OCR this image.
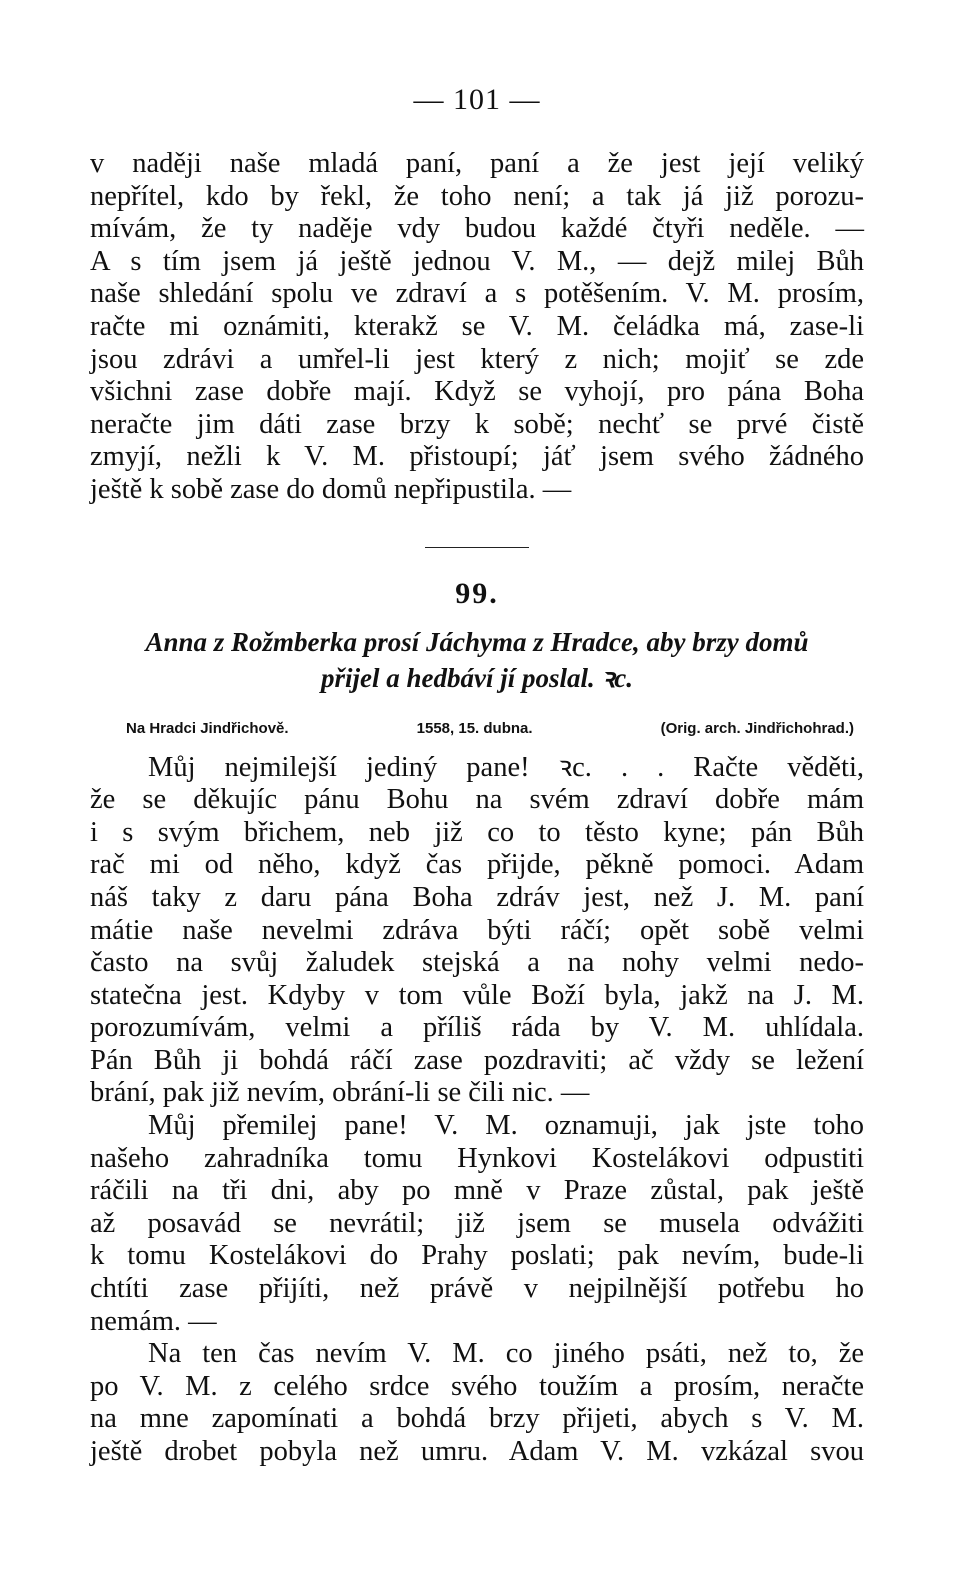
— 101 —
v naději naše mladá paní, paní a že jest její veliký
nepřítel, kdo by řekl, že toho není; a tak já již porozu-
mívám, že ty naděje vdy budou každé čtyři neděle. —
A s tím jsem já ještě jednou V. M., — dejž milej Bůh
naše shledání spolu ve zdraví a s potěšením. V. M. prosím,
račte mi oznámiti, kterakž se V. M. čeládka má, zase-li
jsou zdrávi a umřel-li jest který z nich; mojiť se zde
všichni zase dobře mají. Když se vyhojí, pro pána Boha
neračte jim dáti zase brzy k sobě; nechť se prvé čistě
zmyjí, nežli k V. M. přistoupí; jáť jsem svého žádného
ještě k sobě zase do domů nepřipustila. —
99.
Anna z Rožmberka prosí Jáchyma z Hradce, aby brzy domů
přijel a hedbáví jí poslal. ꝛc.
Na Hradci Jindřichově.	1558, 15. dubna.	(Orig. arch. Jindřichohrad.)
Můj nejmilejší jediný pane! ꝛc. . . Račte věděti,
že se děkujíc pánu Bohu na svém zdraví dobře mám
i s svým břichem, neb již co to těsto kyne; pán Bůh
rač mi od něho, když čas přijde, pěkně pomoci. Adam
náš taky z daru pána Boha zdráv jest, než J. M. paní
mátie naše nevelmi zdráva býti ráčí; opět sobě velmi
často na svůj žaludek stejská a na nohy velmi nedo-
statečna jest. Kdyby v tom vůle Boží byla, jakž na J. M.
porozumívám, velmi a příliš ráda by V. M. uhlídala.
Pán Bůh ji bohdá ráčí zase pozdraviti; ač vždy se ležení
brání, pak již nevím, obrání-li se čili nic. —
Můj přemilej pane! V. M. oznamuji, jak jste toho
našeho zahradníka tomu Hynkovi Kostelákovi odpustiti
ráčili na tři dni, aby po mně v Praze zůstal, pak ještě
až posavád se nevrátil; již jsem se musela odvážiti
k tomu Kostelákovi do Prahy poslati; pak nevím, bude-li
chtíti zase přijíti, než právě v nejpilnější potřebu ho
nemám. —
Na ten čas nevím V. M. co jiného psáti, než to, že
po V. M. z celého srdce svého toužím a prosím, neračte
na mne zapomínati a bohdá brzy přijeti, abych s V. M.
ještě drobet pobyla než umru. Adam V. M. vzkázal svou
